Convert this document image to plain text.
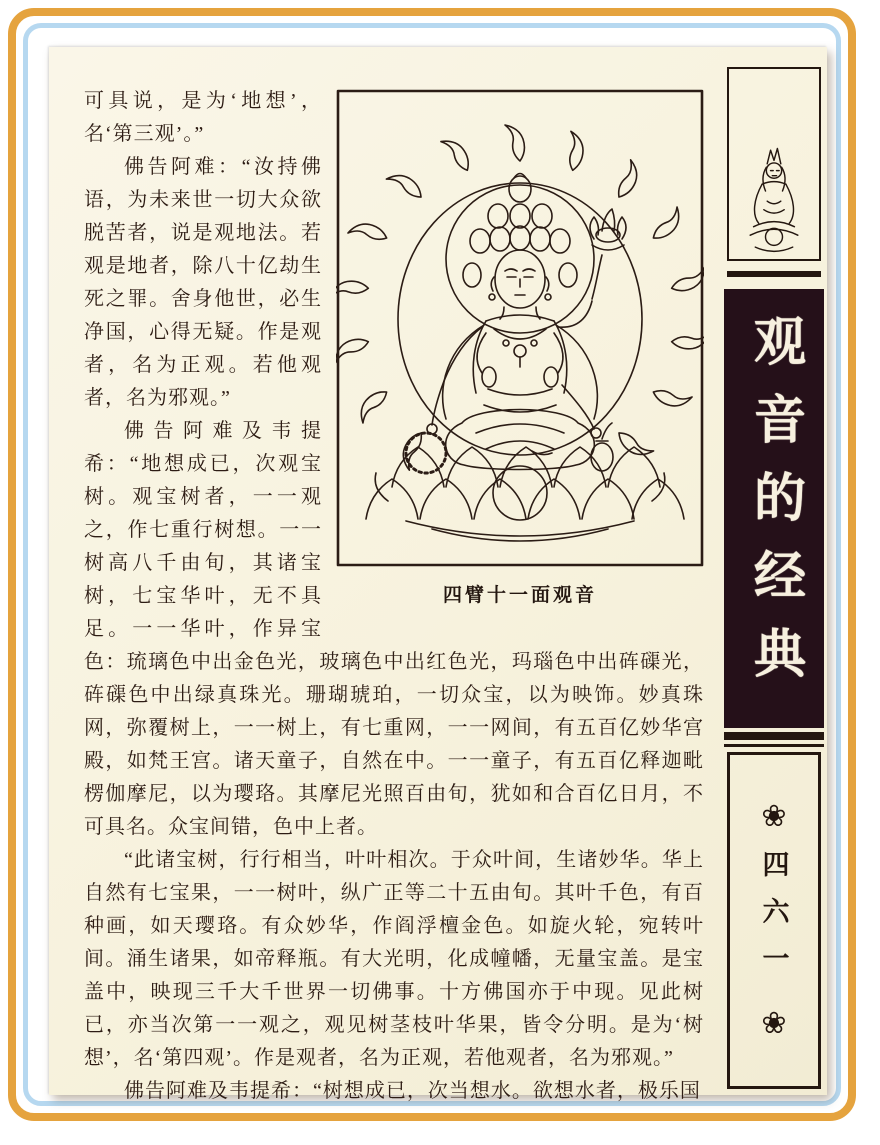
四臂十一面观音

可具说，是为‘地想’，名‘第三观’。”

佛告阿难：“汝持佛语，为未来世一切大众欲脱苦者，说是观地法。若观是地者，除八十亿劫生死之罪。舍身他世，必生净国，心得无疑。作是观者，名为正观。若他观者，名为邪观。”

佛告阿难及韦提希：“地想成已，次观宝树。观宝树者，一一观之，作七重行树想。一一树高八千由旬，其诸宝树，七宝华叶，无不具足。一一华叶，作异宝色：琉璃色中出金色光，玻璃色中出红色光，玛瑙色中出砗磲光，砗磲色中出绿真珠光。珊瑚琥珀，一切众宝，以为映饰。妙真珠网，弥覆树上，一一树上，有七重网，一一网间，有五百亿妙华宫殿，如梵王宫。诸天童子，自然在中。一一童子，有五百亿释迦毗楞伽摩尼，以为璎珞。其摩尼光照百由旬，犹如和合百亿日月，不可具名。众宝间错，色中上者。

“此诸宝树，行行相当，叶叶相次。于众叶间，生诸妙华。华上自然有七宝果，一一树叶，纵广正等二十五由旬。其叶千色，有百种画，如天璎珞。有众妙华，作阎浮檀金色。如旋火轮，宛转叶间。涌生诸果，如帝释瓶。有大光明，化成幢幡，无量宝盖。是宝盖中，映现三千大千世界一切佛事。十方佛国亦于中现。见此树已，亦当次第一一观之，观见树茎枝叶华果，皆令分明。是为‘树想’，名‘第四观’。作是观者，名为正观，若他观者，名为邪观。”

佛告阿难及韦提希：“树想成已，次当想水。欲想水者，极乐国

观音的经典
❀
四六一
❀
